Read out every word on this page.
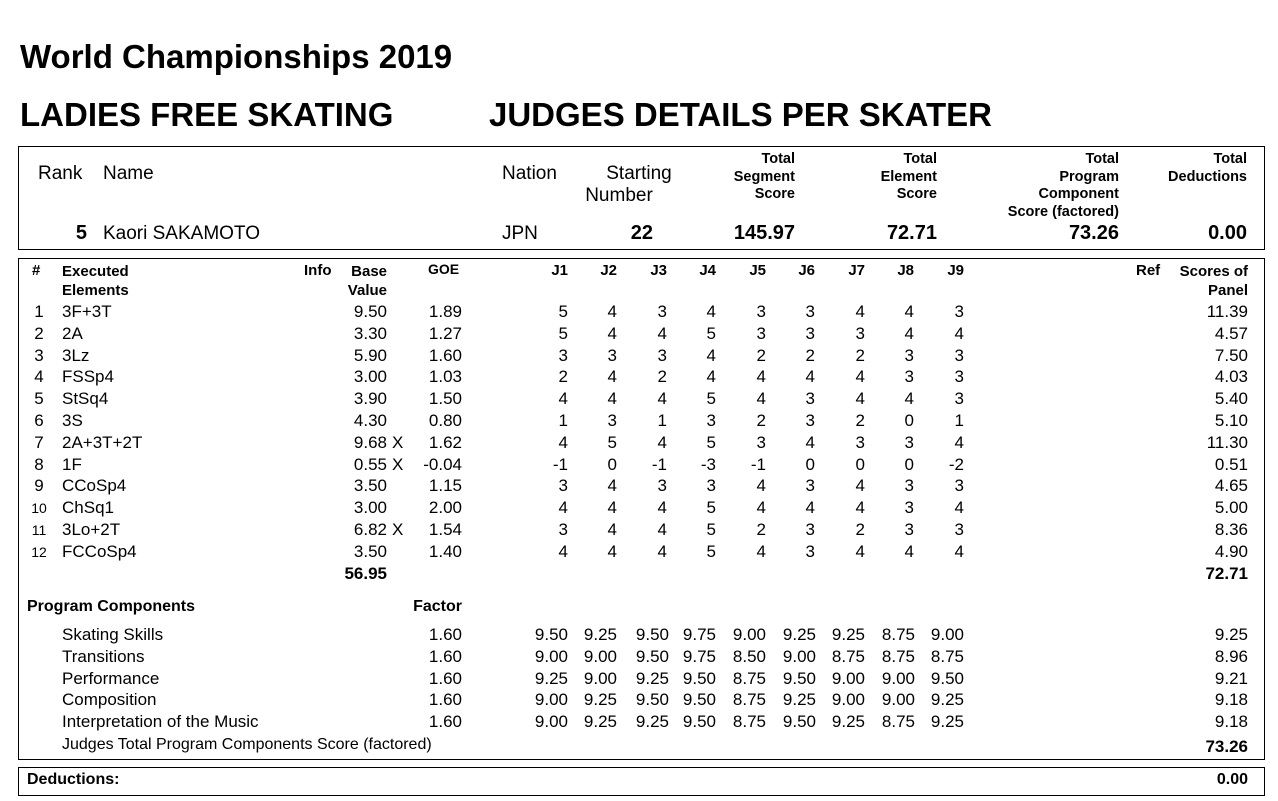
World Championships 2019
LADIES FREE SKATING	JUDGES DETAILS PER SKATER
Rank Name	Nation	Starting
Number
Total
Segment
Score
Total
Element
Score
Total
Program
Component
Score (factored)
Total
Deductions
5 Kaori SAKAMOTO	JPN	22	145.97	72.71	73.26	0.00
# Executed
Elements
Info	Base
Value
GOE	J1	J2	J3	J4	J5	J6	J7	J8	J9	Ref	Scores of
Panel
1 3F+3T	9.50	1.89	5	4	3	4	3	3	4	4	3	11.39
2 2A	3.30	1.27	5	4	4	5	3	3	3	4	4	4.57
3 3Lz	5.90	1.60	3	3	3	4	2	2	2	3	3	7.50
4 FSSp4	3.00	1.03	2	4	2	4	4	4	4	3	3	4.03
5 StSq4	3.90	1.50	4	4	4	5	4	3	4	4	3	5.40
6 3S	4.30	0.80	1	3	1	3	2	3	2	0	1	5.10
7 2A+3T+2T	9.68 X	1.62	4	5	4	5	3	4	3	3	4	11.30
8 1F	0.55 X	-0.04	-1	0	-1	-3	-1	0	0	0	-2	0.51
9 CCoSp4	3.50	1.15	3	4	3	3	4	3	4	3	3	4.65
10 ChSq1	3.00	2.00	4	4	4	5	4	4	4	3	4	5.00
11 3Lo+2T	6.82 X	1.54	3	4	4	5	2	3	2	3	3	8.36
12 FCCoSp4	3.50	1.40	4	4	4	5	4	3	4	4	4	4.90
56.95	72.71
Program Components	Factor
Skating Skills	1.60	9.50 9.25	9.50 9.75 9.00 9.25 9.25 8.75 9.00	9.25
Transitions	1.60	9.00 9.00	9.50 9.75 8.50 9.00 8.75 8.75 8.75	8.96
Performance	1.60	9.25 9.00	9.25 9.50 8.75 9.50 9.00 9.00 9.50	9.21
Composition	1.60	9.00 9.25	9.50 9.50 8.75 9.25 9.00 9.00 9.25	9.18
Interpretation of the Music	1.60	9.00 9.25	9.25 9.50 8.75 9.50 9.25 8.75 9.25	9.18
Judges Total Program Components Score (factored)	73.26
Deductions:	0.00
